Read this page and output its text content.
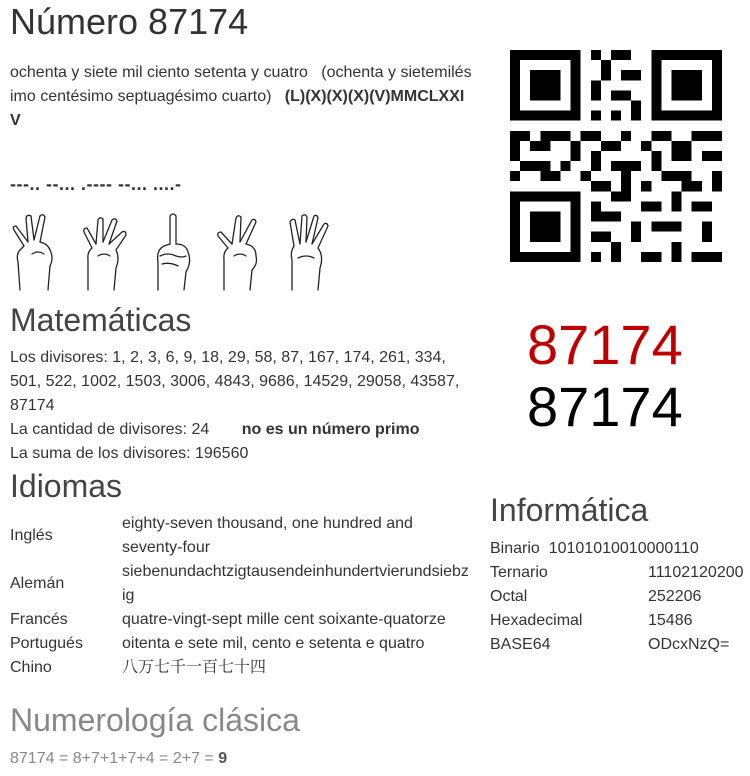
Número 87174
ochenta y siete mil ciento setenta y cuatro (ochenta y sietemilésimo centésimo septuagésimo cuarto) (L)(X)(X)(X)(V)MMCLXXIV
---.. --... .---- --... ....-
87174
87174
Matemáticas
Los divisores: 1, 2, 3, 6, 9, 18, 29, 58, 87, 167, 174, 261, 334, 501, 522, 1002, 1503, 3006, 4843, 9686, 14529, 29058, 43587, 87174
La cantidad de divisores: 24 no es un número primo
La suma de los divisores: 196560
Idiomas
Inglés	eighty-seven thousand, one hundred and seventy-four
Alemán	siebenundachtzigtausendeinhundertvierundsiebzig
Francés	quatre-vingt-sept mille cent soixante-quatorze
Portugués	oitenta e sete mil, cento e setenta e quatro
Chino	八万七千一百七十四
Informática
Binario 10101010010000110	
Ternario	11102120200
Octal	252206
Hexadecimal	15486
BASE64	ODcxNzQ=
Numerología clásica
87174 = 8+7+1+7+4 = 2+7 = 9
